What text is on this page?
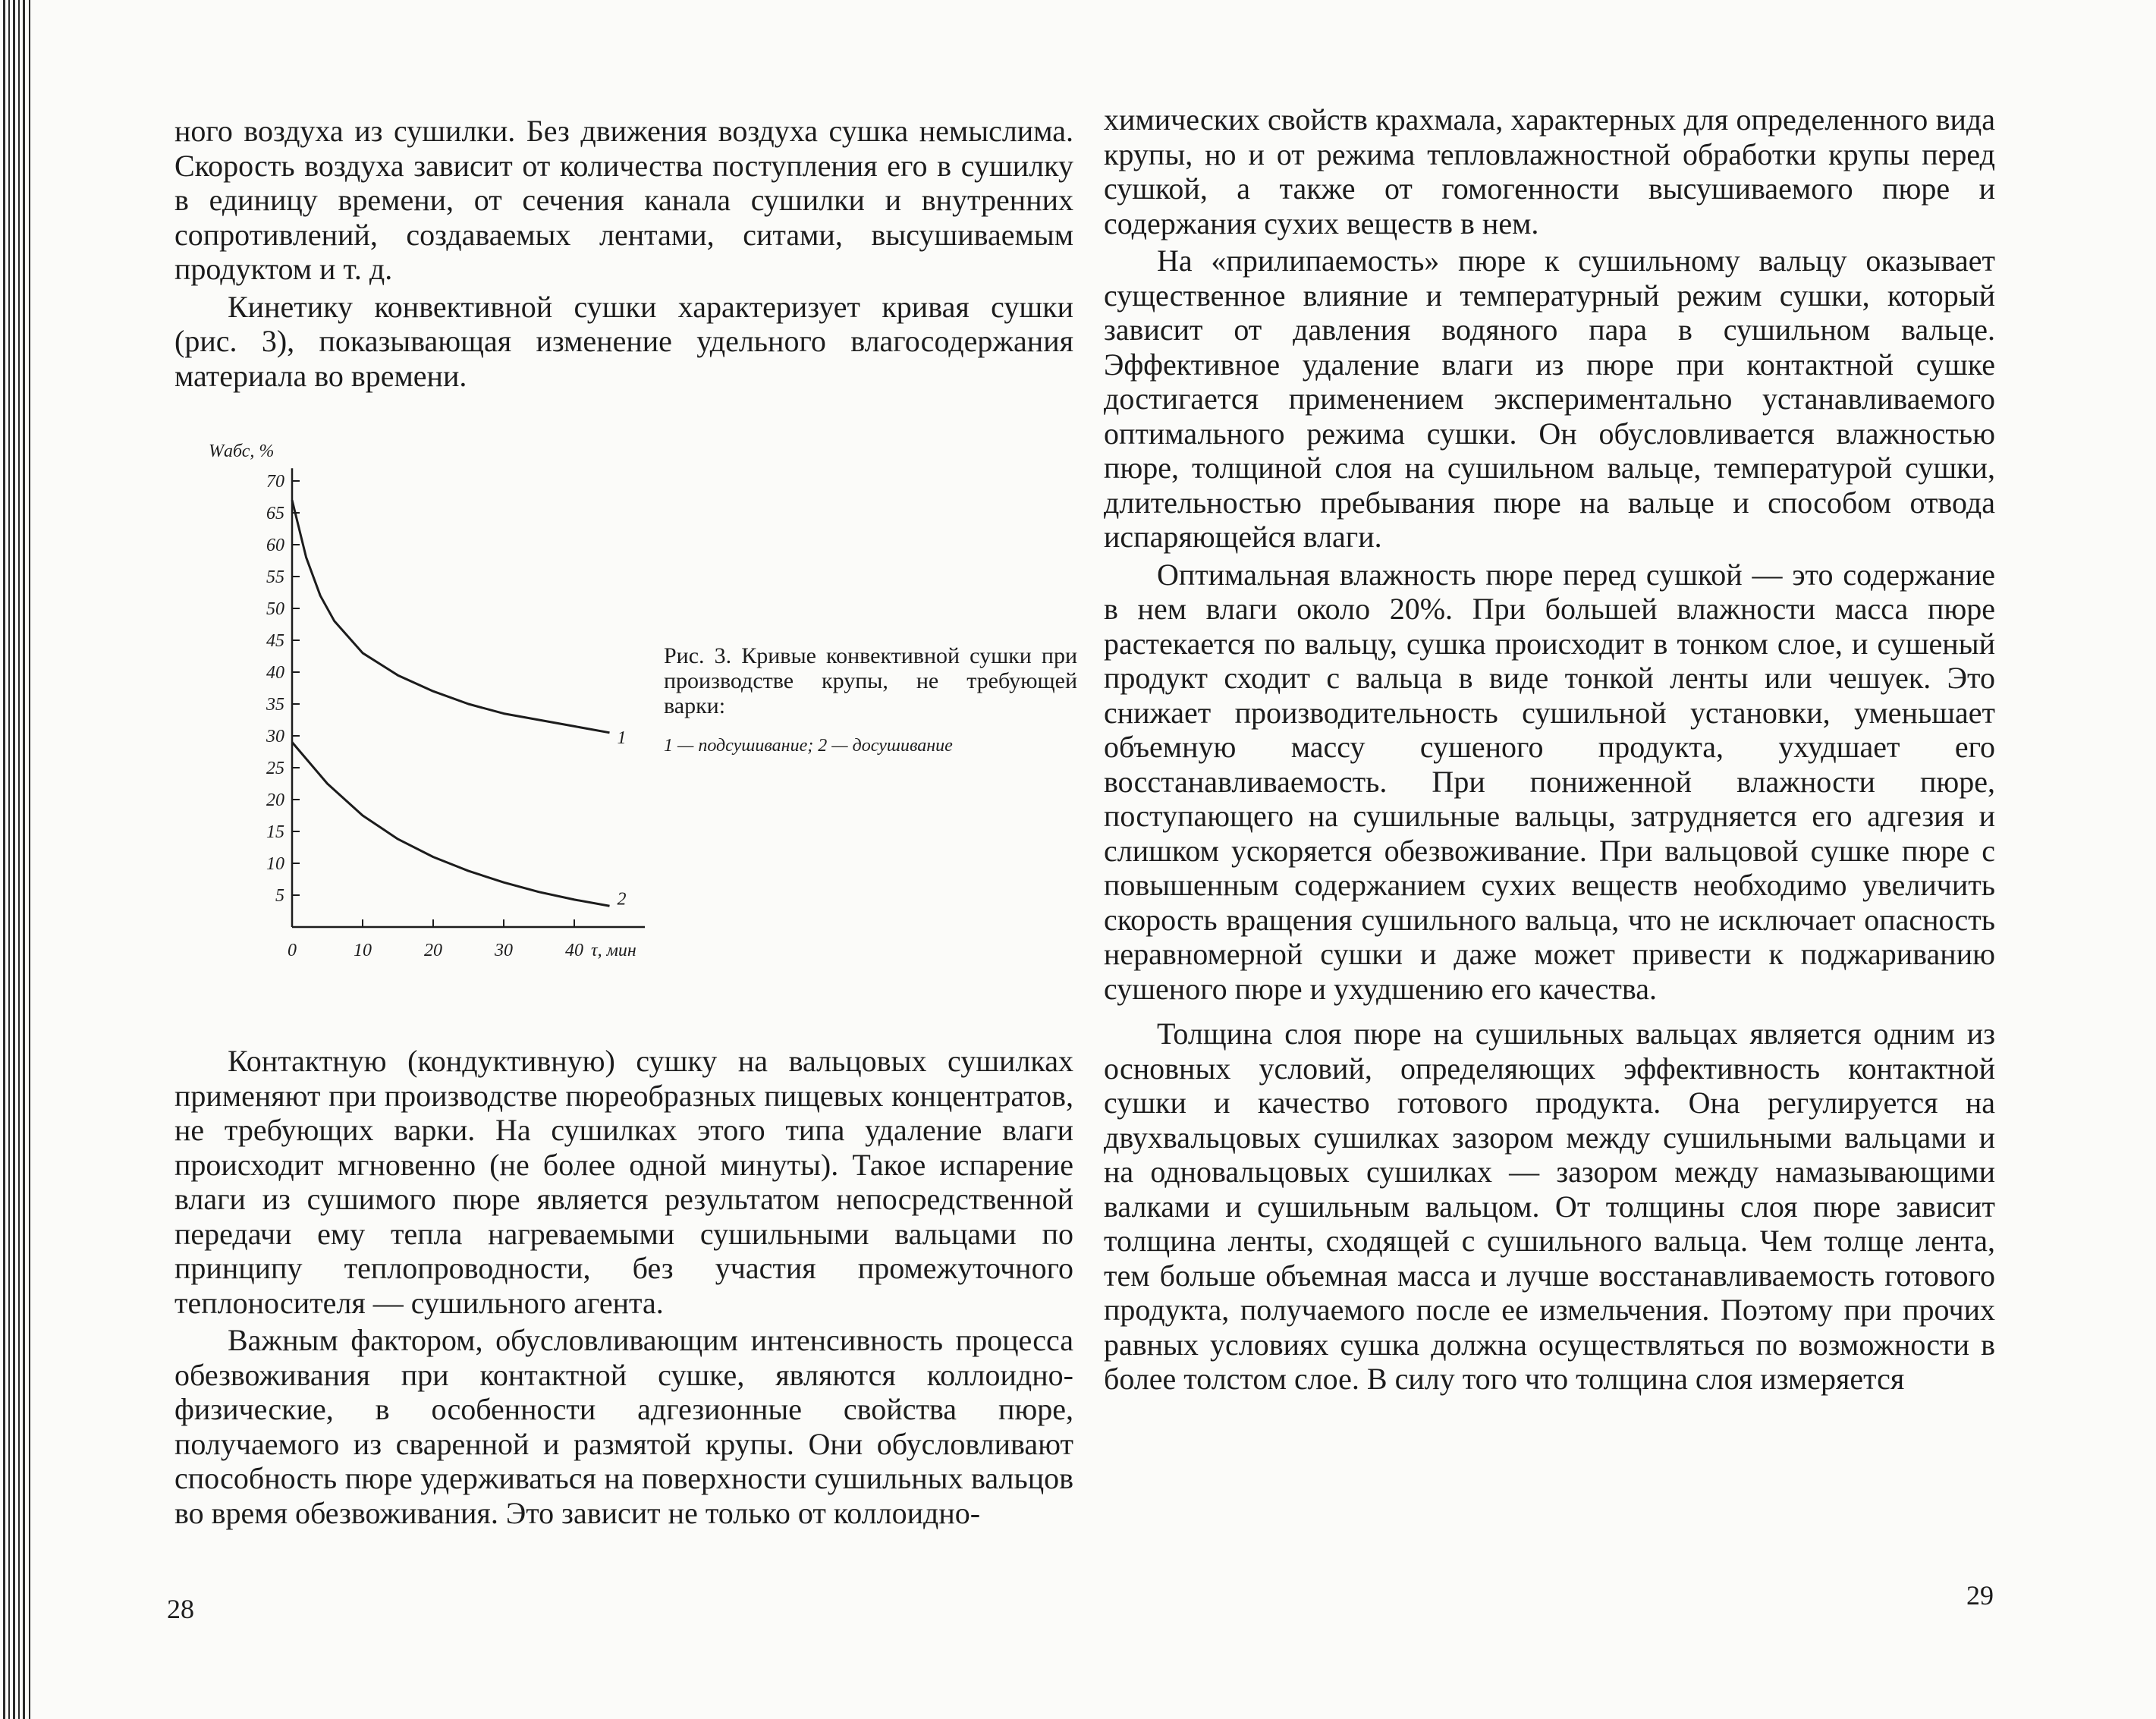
ного воздуха из сушилки. Без движения воздуха сушка немыслима. Скорость воздуха зависит от количества поступления его в сушилку в единицу времени, от сечения канала сушилки и внутренних сопротивлений, создаваемых лентами, ситами, высушиваемым продуктом и т. д.

Кинетику конвективной сушки характеризует кривая сушки (рис. 3), показывающая изменение удельного влагосодержания материала во времени.

Wабс, %
5
10
15
20
25
30
35
40
45
50
55
60
65
70
0	10	20	30	40 τ, мин
1
2
Рис. 3. Кривые конвективной сушки при производстве крупы, не требующей варки:
1 — подсушивание; 2 — досушивание

Контактную (кондуктивную) сушку на вальцовых сушилках применяют при производстве пюреобразных пищевых концентратов, не требующих варки. На сушилках этого типа удаление влаги происходит мгновенно (не более одной минуты). Такое испарение влаги из сушимого пюре является результатом непосредственной передачи ему тепла нагреваемыми сушильными вальцами по принципу теплопроводности, без участия промежуточного теплоносителя — сушильного агента.

Важным фактором, обусловливающим интенсивность процесса обезвоживания при контактной сушке, являются коллоидно-физические, в особенности адгезионные свойства пюре, получаемого из сваренной и размятой крупы. Они обусловливают способность пюре удерживаться на поверхности сушильных вальцов во время обезвоживания. Это зависит не только от коллоидно-

28

химических свойств крахмала, характерных для определенного вида крупы, но и от режима тепловлажностной обработки крупы перед сушкой, а также от гомогенности высушиваемого пюре и содержания сухих веществ в нем.

На «прилипаемость» пюре к сушильному вальцу оказывает существенное влияние и температурный режим сушки, который зависит от давления водяного пара в сушильном вальце. Эффективное удаление влаги из пюре при контактной сушке достигается применением экспериментально устанавливаемого оптимального режима сушки. Он обусловливается влажностью пюре, толщиной слоя на сушильном вальце, температурой сушки, длительностью пребывания пюре на вальце и способом отвода испаряющейся влаги.

Оптимальная влажность пюре перед сушкой — это содержание в нем влаги около 20%. При большей влажности масса пюре растекается по вальцу, сушка происходит в тонком слое, и сушеный продукт сходит с вальца в виде тонкой ленты или чешуек. Это снижает производительность сушильной установки, уменьшает объемную массу сушеного продукта, ухудшает его восстанавливаемость. При пониженной влажности пюре, поступающего на сушильные вальцы, затрудняется его адгезия и слишком ускоряется обезвоживание. При вальцовой сушке пюре с повышенным содержанием сухих веществ необходимо увеличить скорость вращения сушильного вальца, что не исключает опасность неравномерной сушки и даже может привести к поджариванию сушеного пюре и ухудшению его качества.

Толщина слоя пюре на сушильных вальцах является одним из основных условий, определяющих эффективность контактной сушки и качество готового продукта. Она регулируется на двухвальцовых сушилках зазором между сушильными вальцами и на одновальцовых сушилках — зазором между намазывающими валками и сушильным вальцом. От толщины слоя пюре зависит толщина ленты, сходящей с сушильного вальца. Чем толще лента, тем больше объемная масса и лучше восстанавливаемость готового продукта, получаемого после ее измельчения. Поэтому при прочих равных условиях сушка должна осуществляться по возможности в более толстом слое. В силу того что толщина слоя измеряется

29
